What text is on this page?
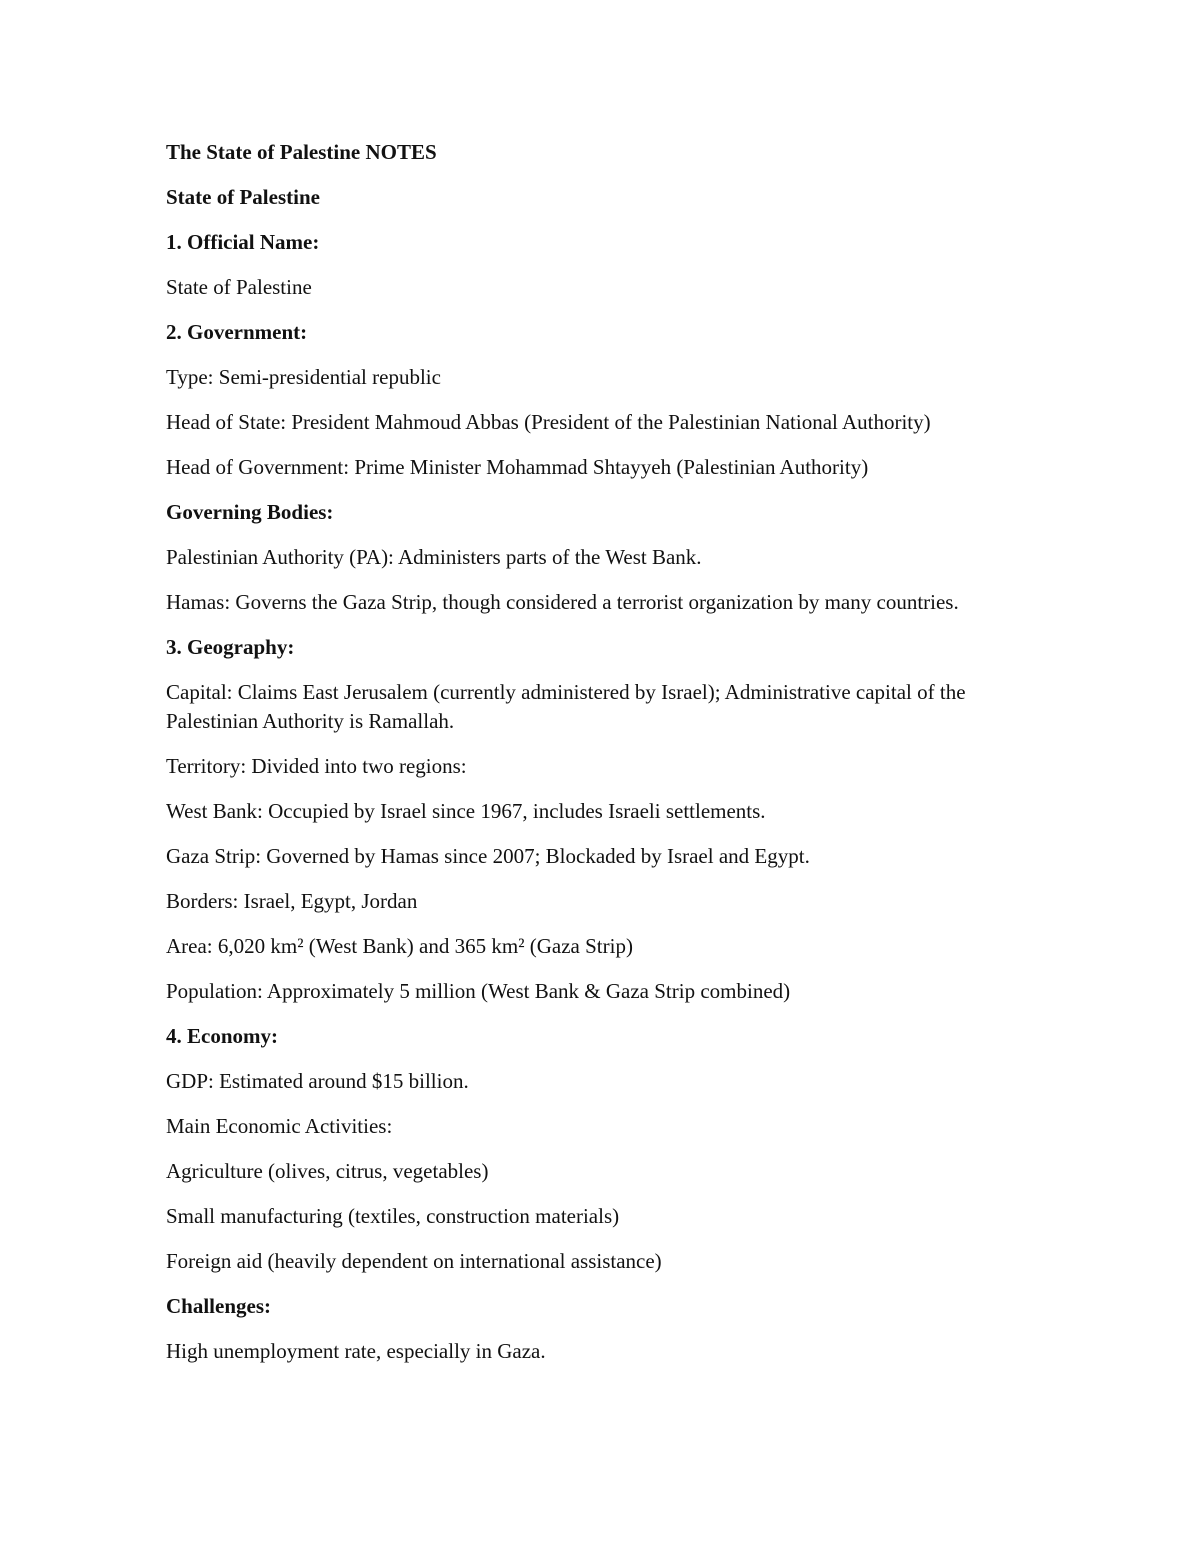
The State of Palestine NOTES
State of Palestine
1. Official Name:
State of Palestine
2. Government:
Type: Semi-presidential republic
Head of State: President Mahmoud Abbas (President of the Palestinian National Authority)
Head of Government: Prime Minister Mohammad Shtayyeh (Palestinian Authority)
Governing Bodies:
Palestinian Authority (PA): Administers parts of the West Bank.
Hamas: Governs the Gaza Strip, though considered a terrorist organization by many countries.
3. Geography:
Capital: Claims East Jerusalem (currently administered by Israel); Administrative capital of the Palestinian Authority is Ramallah.
Territory: Divided into two regions:
West Bank: Occupied by Israel since 1967, includes Israeli settlements.
Gaza Strip: Governed by Hamas since 2007; Blockaded by Israel and Egypt.
Borders: Israel, Egypt, Jordan
Area: 6,020 km² (West Bank) and 365 km² (Gaza Strip)
Population: Approximately 5 million (West Bank & Gaza Strip combined)
4. Economy:
GDP: Estimated around $15 billion.
Main Economic Activities:
Agriculture (olives, citrus, vegetables)
Small manufacturing (textiles, construction materials)
Foreign aid (heavily dependent on international assistance)
Challenges:
High unemployment rate, especially in Gaza.
